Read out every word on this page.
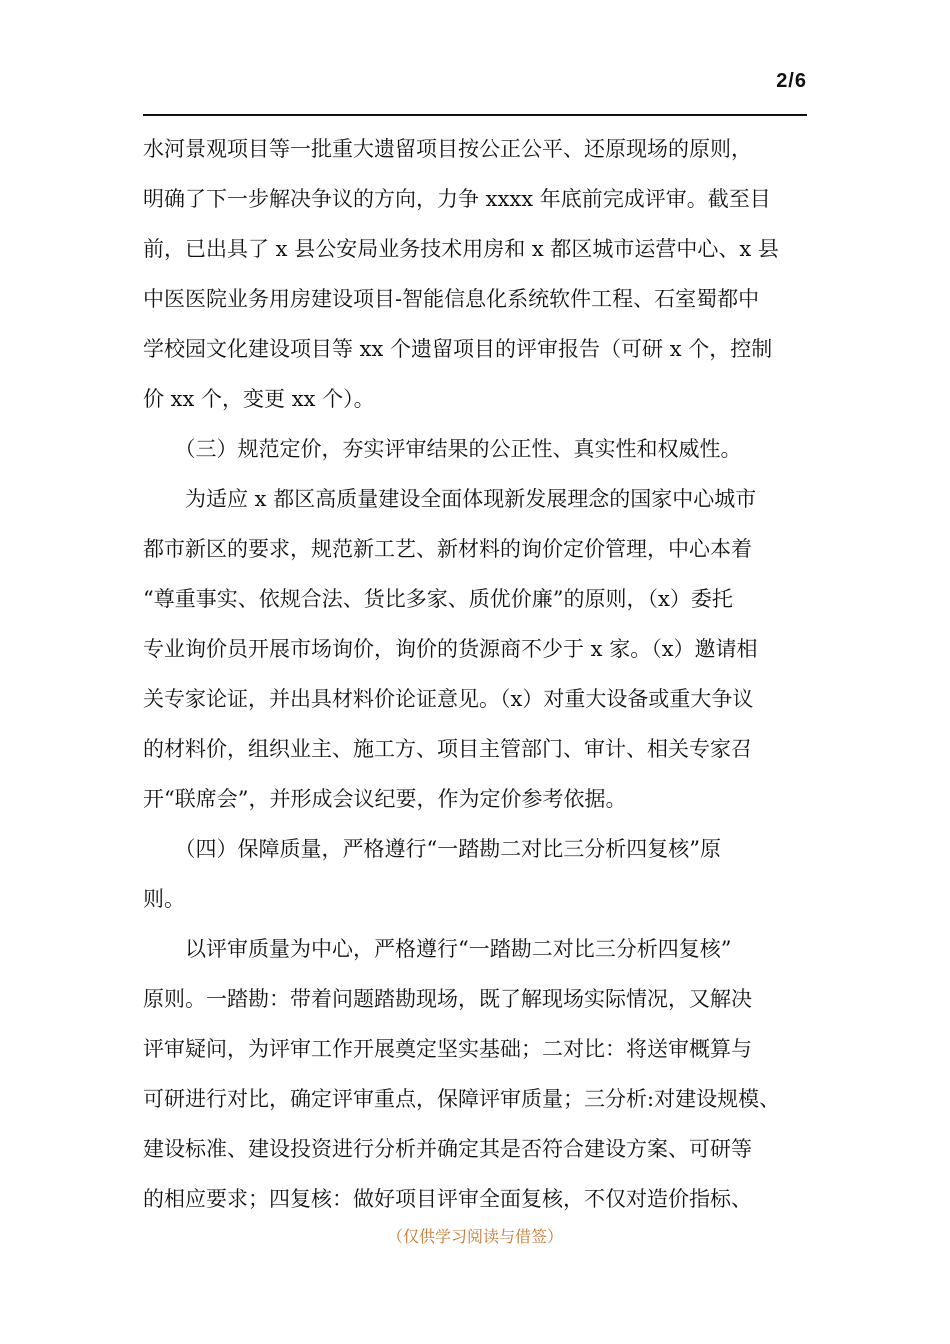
2/6
水河景观项目等一批重大遗留项目按公正公平、还原现场的原则，
明确了下一步解决争议的方向，力争 xxxx 年底前完成评审。截至目
前，已出具了 x 县公安局业务技术用房和 x 都区城市运营中心、x 县
中医医院业务用房建设项目-智能信息化系统软件工程、石室蜀都中
学校园文化建设项目等 xx 个遗留项目的评审报告（可研 x 个，控制
价 xx 个，变更 xx 个）。
　　（三）规范定价，夯实评审结果的公正性、真实性和权威性。
　　为适应 x 都区高质量建设全面体现新发展理念的国家中心城市
都市新区的要求，规范新工艺、新材料的询价定价管理，中心本着
“尊重事实、依规合法、货比多家、质优价廉”的原则，（x）委托
专业询价员开展市场询价，询价的货源商不少于 x 家。（x）邀请相
关专家论证，并出具材料价论证意见。（x）对重大设备或重大争议
的材料价，组织业主、施工方、项目主管部门、审计、相关专家召
开“联席会”，并形成会议纪要，作为定价参考依据。
　　（四）保障质量，严格遵行“一踏勘二对比三分析四复核”原
则。
　　以评审质量为中心，严格遵行“一踏勘二对比三分析四复核”
原则。一踏勘：带着问题踏勘现场，既了解现场实际情况，又解决
评审疑问，为评审工作开展奠定坚实基础；二对比：将送审概算与
可研进行对比，确定评审重点，保障评审质量；三分析:对建设规模、
建设标准、建设投资进行分析并确定其是否符合建设方案、可研等
的相应要求；四复核：做好项目评审全面复核，不仅对造价指标、
（仅供学习阅读与借签）
